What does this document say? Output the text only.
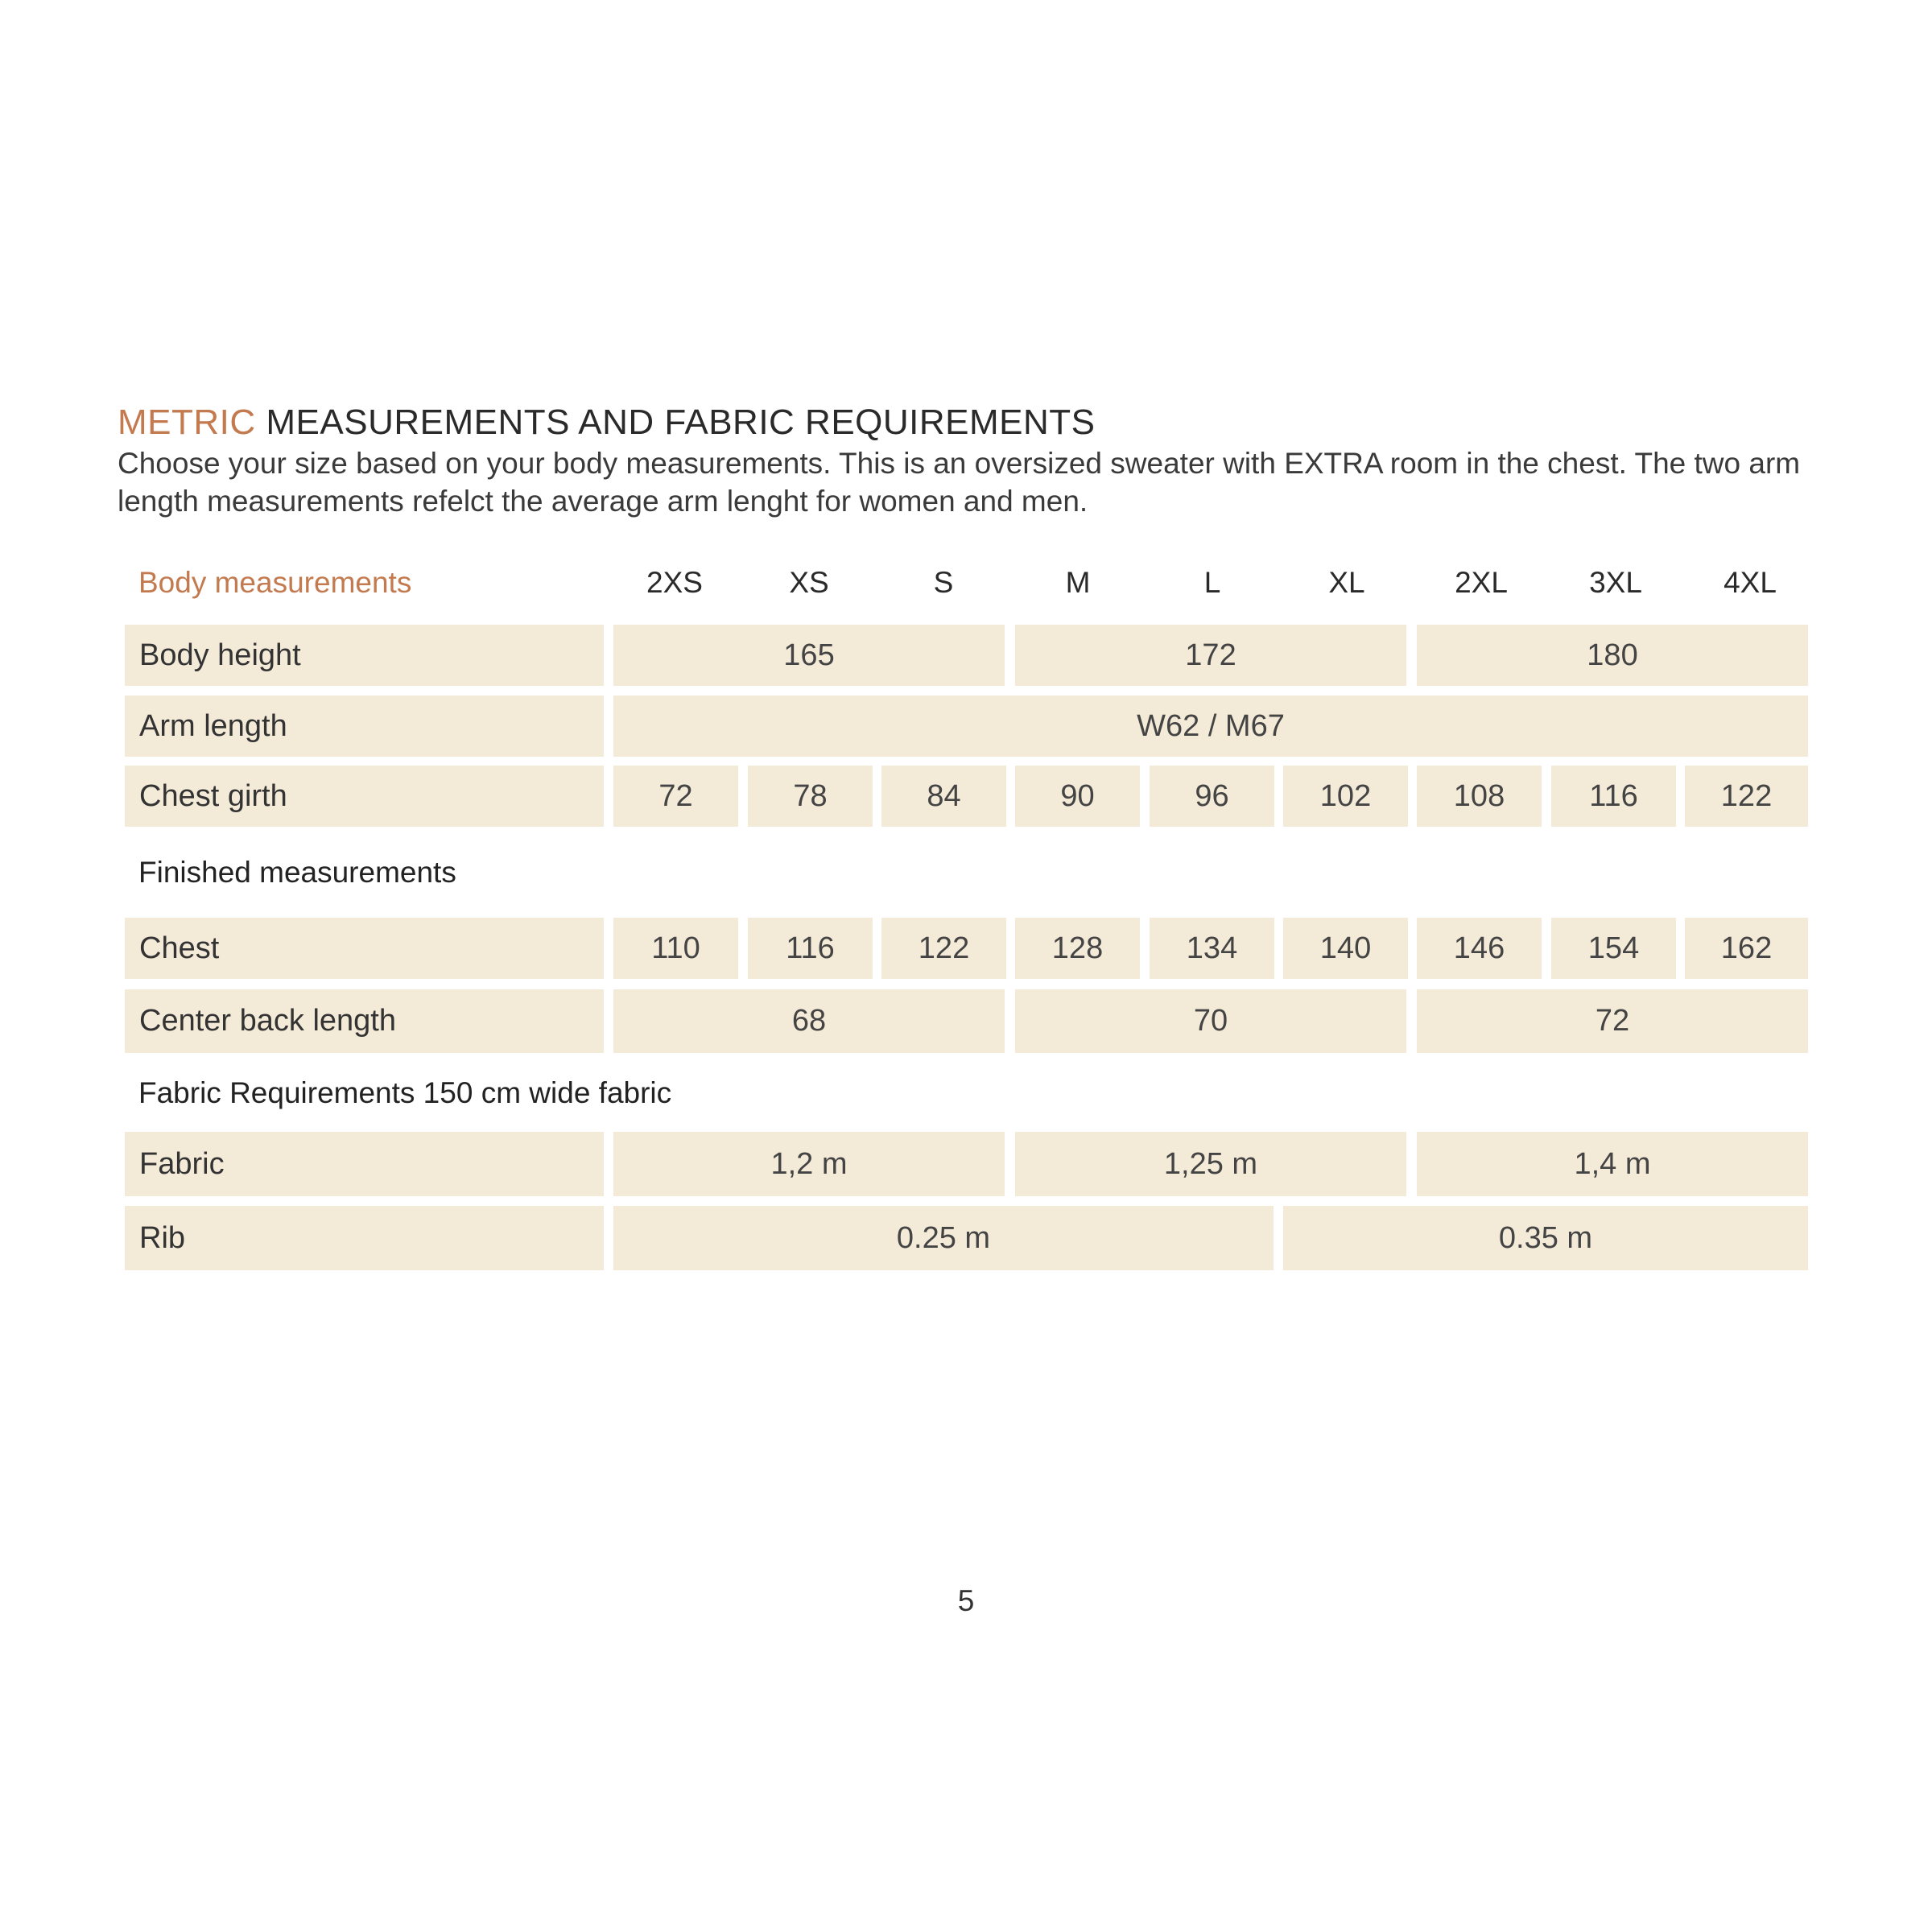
METRIC MEASUREMENTS AND FABRIC REQUIREMENTS
Choose your size based on your body measurements. This is an oversized sweater with EXTRA room in the chest. The two arm length measurements refelct the average arm lenght for women and men.
Body measurements	2XS	XS	S	M	L	XL	2XL	3XL	4XL
Body height	165	172	180
Arm length	W62 / M67
Chest girth	72	78	84	90	96	102	108	116	122
Finished measurements
Chest	110	116	122	128	134	140	146	154	162
Center back length	68	70	72
Fabric Requirements 150 cm wide fabric
Fabric	1,2 m	1,25 m	1,4 m
Rib	0.25 m	0.35 m
5
